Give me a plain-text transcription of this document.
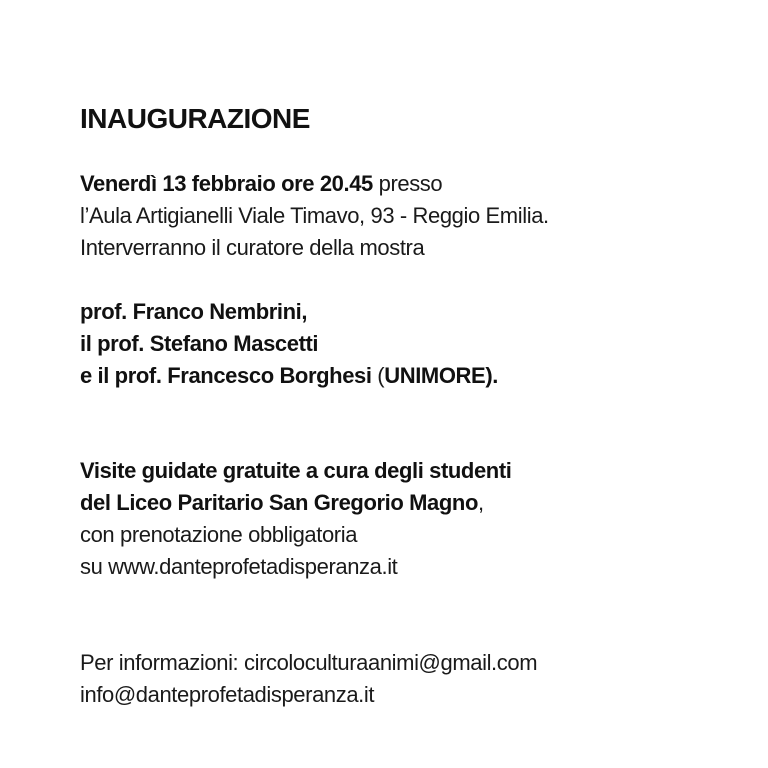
INAUGURAZIONE
Venerdì 13 febbraio ore 20.45 presso
l’Aula Artigianelli Viale Timavo, 93 - Reggio Emilia.
Interverranno il curatore della mostra
prof. Franco Nembrini,
il prof. Stefano Mascetti
e il prof. Francesco Borghesi (UNIMORE).
Visite guidate gratuite a cura degli studenti
del Liceo Paritario San Gregorio Magno,
con prenotazione obbligatoria
su www.danteprofetadisperanza.it
Per informazioni: circoloculturaanimi@gmail.com
info@danteprofetadisperanza.it
